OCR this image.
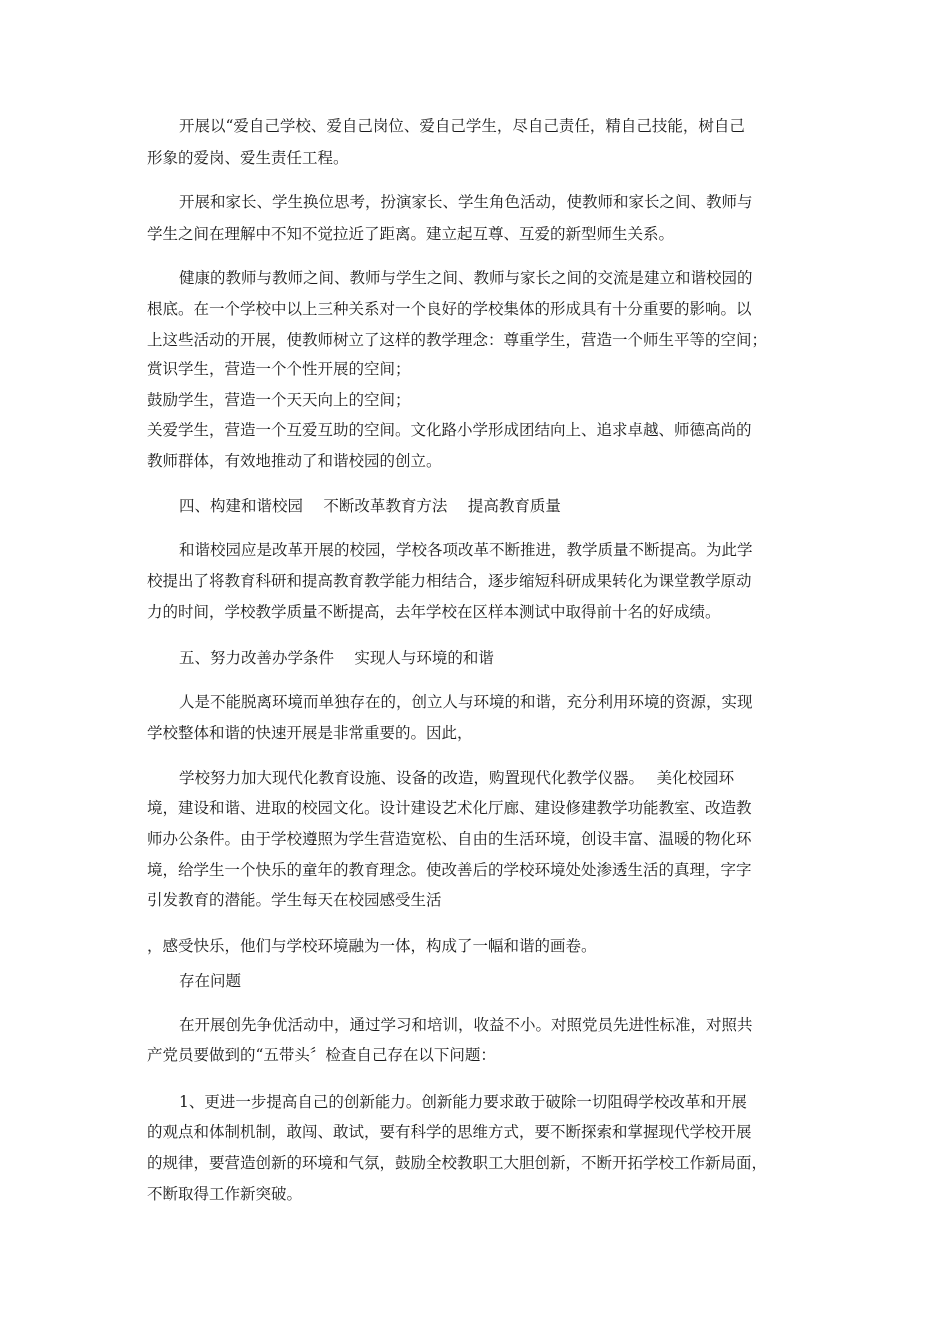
开展以“爱自己学校、爱自己岗位、爱自己学生，尽自己责任，精自己技能，树自己
形象的爱岗、爱生责任工程。
开展和家长、学生换位思考，扮演家长、学生角色活动，使教师和家长之间、教师与
学生之间在理解中不知不觉拉近了距离。建立起互尊、互爱的新型师生关系。
健康的教师与教师之间、教师与学生之间、教师与家长之间的交流是建立和谐校园的
根底。在一个学校中以上三种关系对一个良好的学校集体的形成具有十分重要的影响。以
上这些活动的开展，使教师树立了这样的教学理念：尊重学生，营造一个师生平等的空间；
赏识学生，营造一个个性开展的空间；
鼓励学生，营造一个天天向上的空间；
关爱学生，营造一个互爱互助的空间。文化路小学形成团结向上、追求卓越、师德高尚的
教师群体，有效地推动了和谐校园的创立。
四、构建和谐校园　 不断改革教育方法　 提高教育质量
和谐校园应是改革开展的校园，学校各项改革不断推进，教学质量不断提高。为此学
校提出了将教育科研和提高教育教学能力相结合，逐步缩短科研成果转化为课堂教学原动
力的时间，学校教学质量不断提高，去年学校在区样本测试中取得前十名的好成绩。
五、努力改善办学条件　 实现人与环境的和谐
人是不能脱离环境而单独存在的，创立人与环境的和谐，充分利用环境的资源，实现
学校整体和谐的快速开展是非常重要的。因此，
学校努力加大现代化教育设施、设备的改造，购置现代化教学仪器。　 美化校园环
境，建设和谐、进取的校园文化。设计建设艺术化厅廊、建设修建教学功能教室、改造教
师办公条件。由于学校遵照为学生营造宽松、自由的生活环境，创设丰富、温暖的物化环
境，给学生一个快乐的童年的教育理念。使改善后的学校环境处处渗透生活的真理，字字
引发教育的潜能。学生每天在校园感受生活
，感受快乐，他们与学校环境融为一体，构成了一幅和谐的画卷。
存在问题
在开展创先争优活动中，通过学习和培训，收益不小。对照党员先进性标准，对照共
产党员要做到的“五带头〞检查自己存在以下问题：
1、更进一步提高自己的创新能力。创新能力要求敢于破除一切阻碍学校改革和开展
的观点和体制机制，敢闯、敢试，要有科学的思维方式，要不断探索和掌握现代学校开展
的规律，要营造创新的环境和气氛，鼓励全校教职工大胆创新，不断开拓学校工作新局面，
不断取得工作新突破。
